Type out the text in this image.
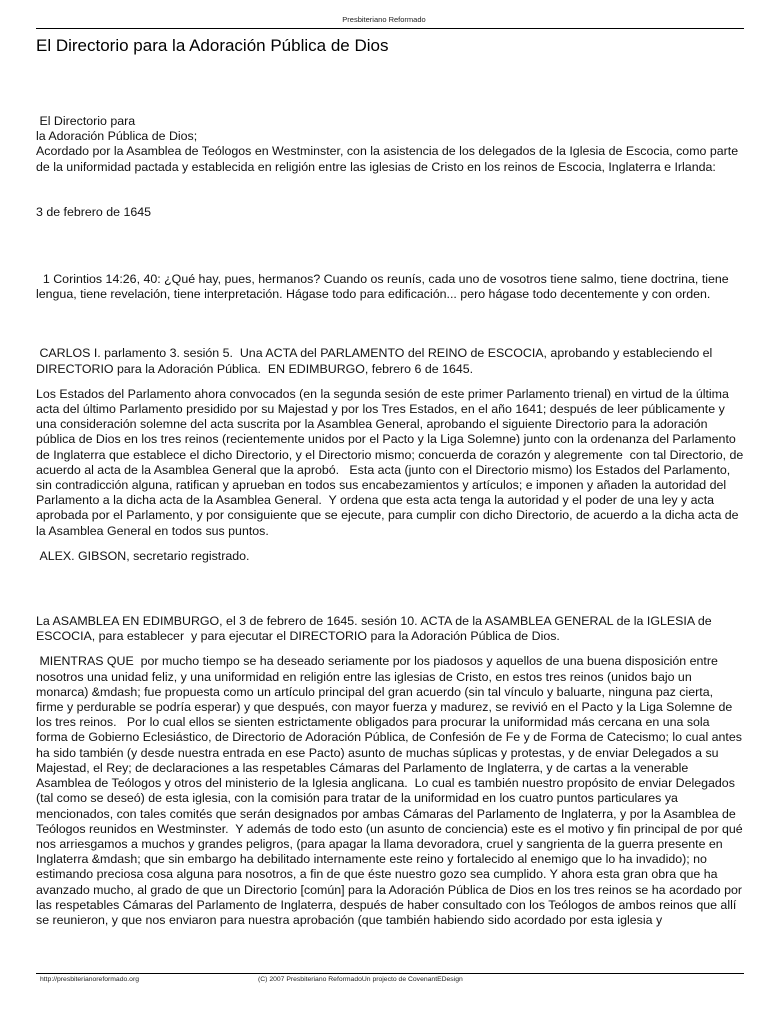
Presbiteriano Reformado
El Directorio para la Adoración Pública de Dios

El Directorio para
la Adoración Pública de Dios;
Acordado por la Asamblea de Teólogos en Westminster, con la asistencia de los delegados de la Iglesia de Escocia, como parte de la uniformidad pactada y establecida en religión entre las iglesias de Cristo en los reinos de Escocia, Inglaterra e Irlanda:

3 de febrero de 1645

1 Corintios 14:26, 40: ¿Qué hay, pues, hermanos? Cuando os reunís, cada uno de vosotros tiene salmo, tiene doctrina, tiene lengua, tiene revelación, tiene interpretación. Hágase todo para edificación... pero hágase todo decentemente y con orden.

CARLOS I. parlamento 3. sesión 5.  Una ACTA del PARLAMENTO del REINO de ESCOCIA, aprobando y estableciendo el DIRECTORIO para la Adoración Pública.  EN EDIMBURGO, febrero 6 de 1645.

Los Estados del Parlamento ahora convocados (en la segunda sesión de este primer Parlamento trienal) en virtud de la última acta del último Parlamento presidido por su Majestad y por los Tres Estados, en el año 1641; después de leer públicamente y una consideración solemne del acta suscrita por la Asamblea General, aprobando el siguiente Directorio para la adoración pública de Dios en los tres reinos (recientemente unidos por el Pacto y la Liga Solemne) junto con la ordenanza del Parlamento de Inglaterra que establece el dicho Directorio, y el Directorio mismo; concuerda de corazón y alegremente  con tal Directorio, de acuerdo al acta de la Asamblea General que la aprobó.   Esta acta (junto con el Directorio mismo) los Estados del Parlamento, sin contradicción alguna, ratifican y aprueban en todos sus encabezamientos y artículos; e imponen y añaden la autoridad del Parlamento a la dicha acta de la Asamblea General.  Y ordena que esta acta tenga la autoridad y el poder de una ley y acta aprobada por el Parlamento, y por consiguiente que se ejecute, para cumplir con dicho Directorio, de acuerdo a la dicha acta de la Asamblea General en todos sus puntos.

ALEX. GIBSON, secretario registrado.

La ASAMBLEA EN EDIMBURGO, el 3 de febrero de 1645. sesión 10. ACTA de la ASAMBLEA GENERAL de la IGLESIA de ESCOCIA, para establecer  y para ejecutar el DIRECTORIO para la Adoración Pública de Dios.

MIENTRAS QUE  por mucho tiempo se ha deseado seriamente por los piadosos y aquellos de una buena disposición entre nosotros una unidad feliz, y una uniformidad en religión entre las iglesias de Cristo, en estos tres reinos (unidos bajo un monarca) &mdash; fue propuesta como un artículo principal del gran acuerdo (sin tal vínculo y baluarte, ninguna paz cierta, firme y perdurable se podría esperar) y que después, con mayor fuerza y madurez, se revivió en el Pacto y la Liga Solemne de los tres reinos.   Por lo cual ellos se sienten estrictamente obligados para procurar la uniformidad más cercana en una sola forma de Gobierno Eclesiástico, de Directorio de Adoración Pública, de Confesión de Fe y de Forma de Catecismo; lo cual antes ha sido también (y desde nuestra entrada en ese Pacto) asunto de muchas súplicas y protestas, y de enviar Delegados a su Majestad, el Rey; de declaraciones a las respetables Cámaras del Parlamento de Inglaterra, y de cartas a la venerable Asamblea de Teólogos y otros del ministerio de la Iglesia anglicana.  Lo cual es también nuestro propósito de enviar Delegados (tal como se deseó) de esta iglesia, con la comisión para tratar de la uniformidad en los cuatro puntos particulares ya mencionados, con tales comités que serán designados por ambas Cámaras del Parlamento de Inglaterra, y por la Asamblea de Teólogos reunidos en Westminster.  Y además de todo esto (un asunto de conciencia) este es el motivo y fin principal de por qué nos arriesgamos a muchos y grandes peligros, (para apagar la llama devoradora, cruel y sangrienta de la guerra presente en Inglaterra &mdash; que sin embargo ha debilitado internamente este reino y fortalecido al enemigo que lo ha invadido); no estimando preciosa cosa alguna para nosotros, a fin de que éste nuestro gozo sea cumplido. Y ahora esta gran obra que ha avanzado mucho, al grado de que un Directorio [común] para la Adoración Pública de Dios en los tres reinos se ha acordado por las respetables Cámaras del Parlamento de Inglaterra, después de haber consultado con los Teólogos de ambos reinos que allí se reunieron, y que nos enviaron para nuestra aprobación (que también habiendo sido acordado por esta iglesia y

http://presbiterianoreformado.org	(C) 2007 Presbiteriano ReformadoUn projecto de CovenantEDesign
